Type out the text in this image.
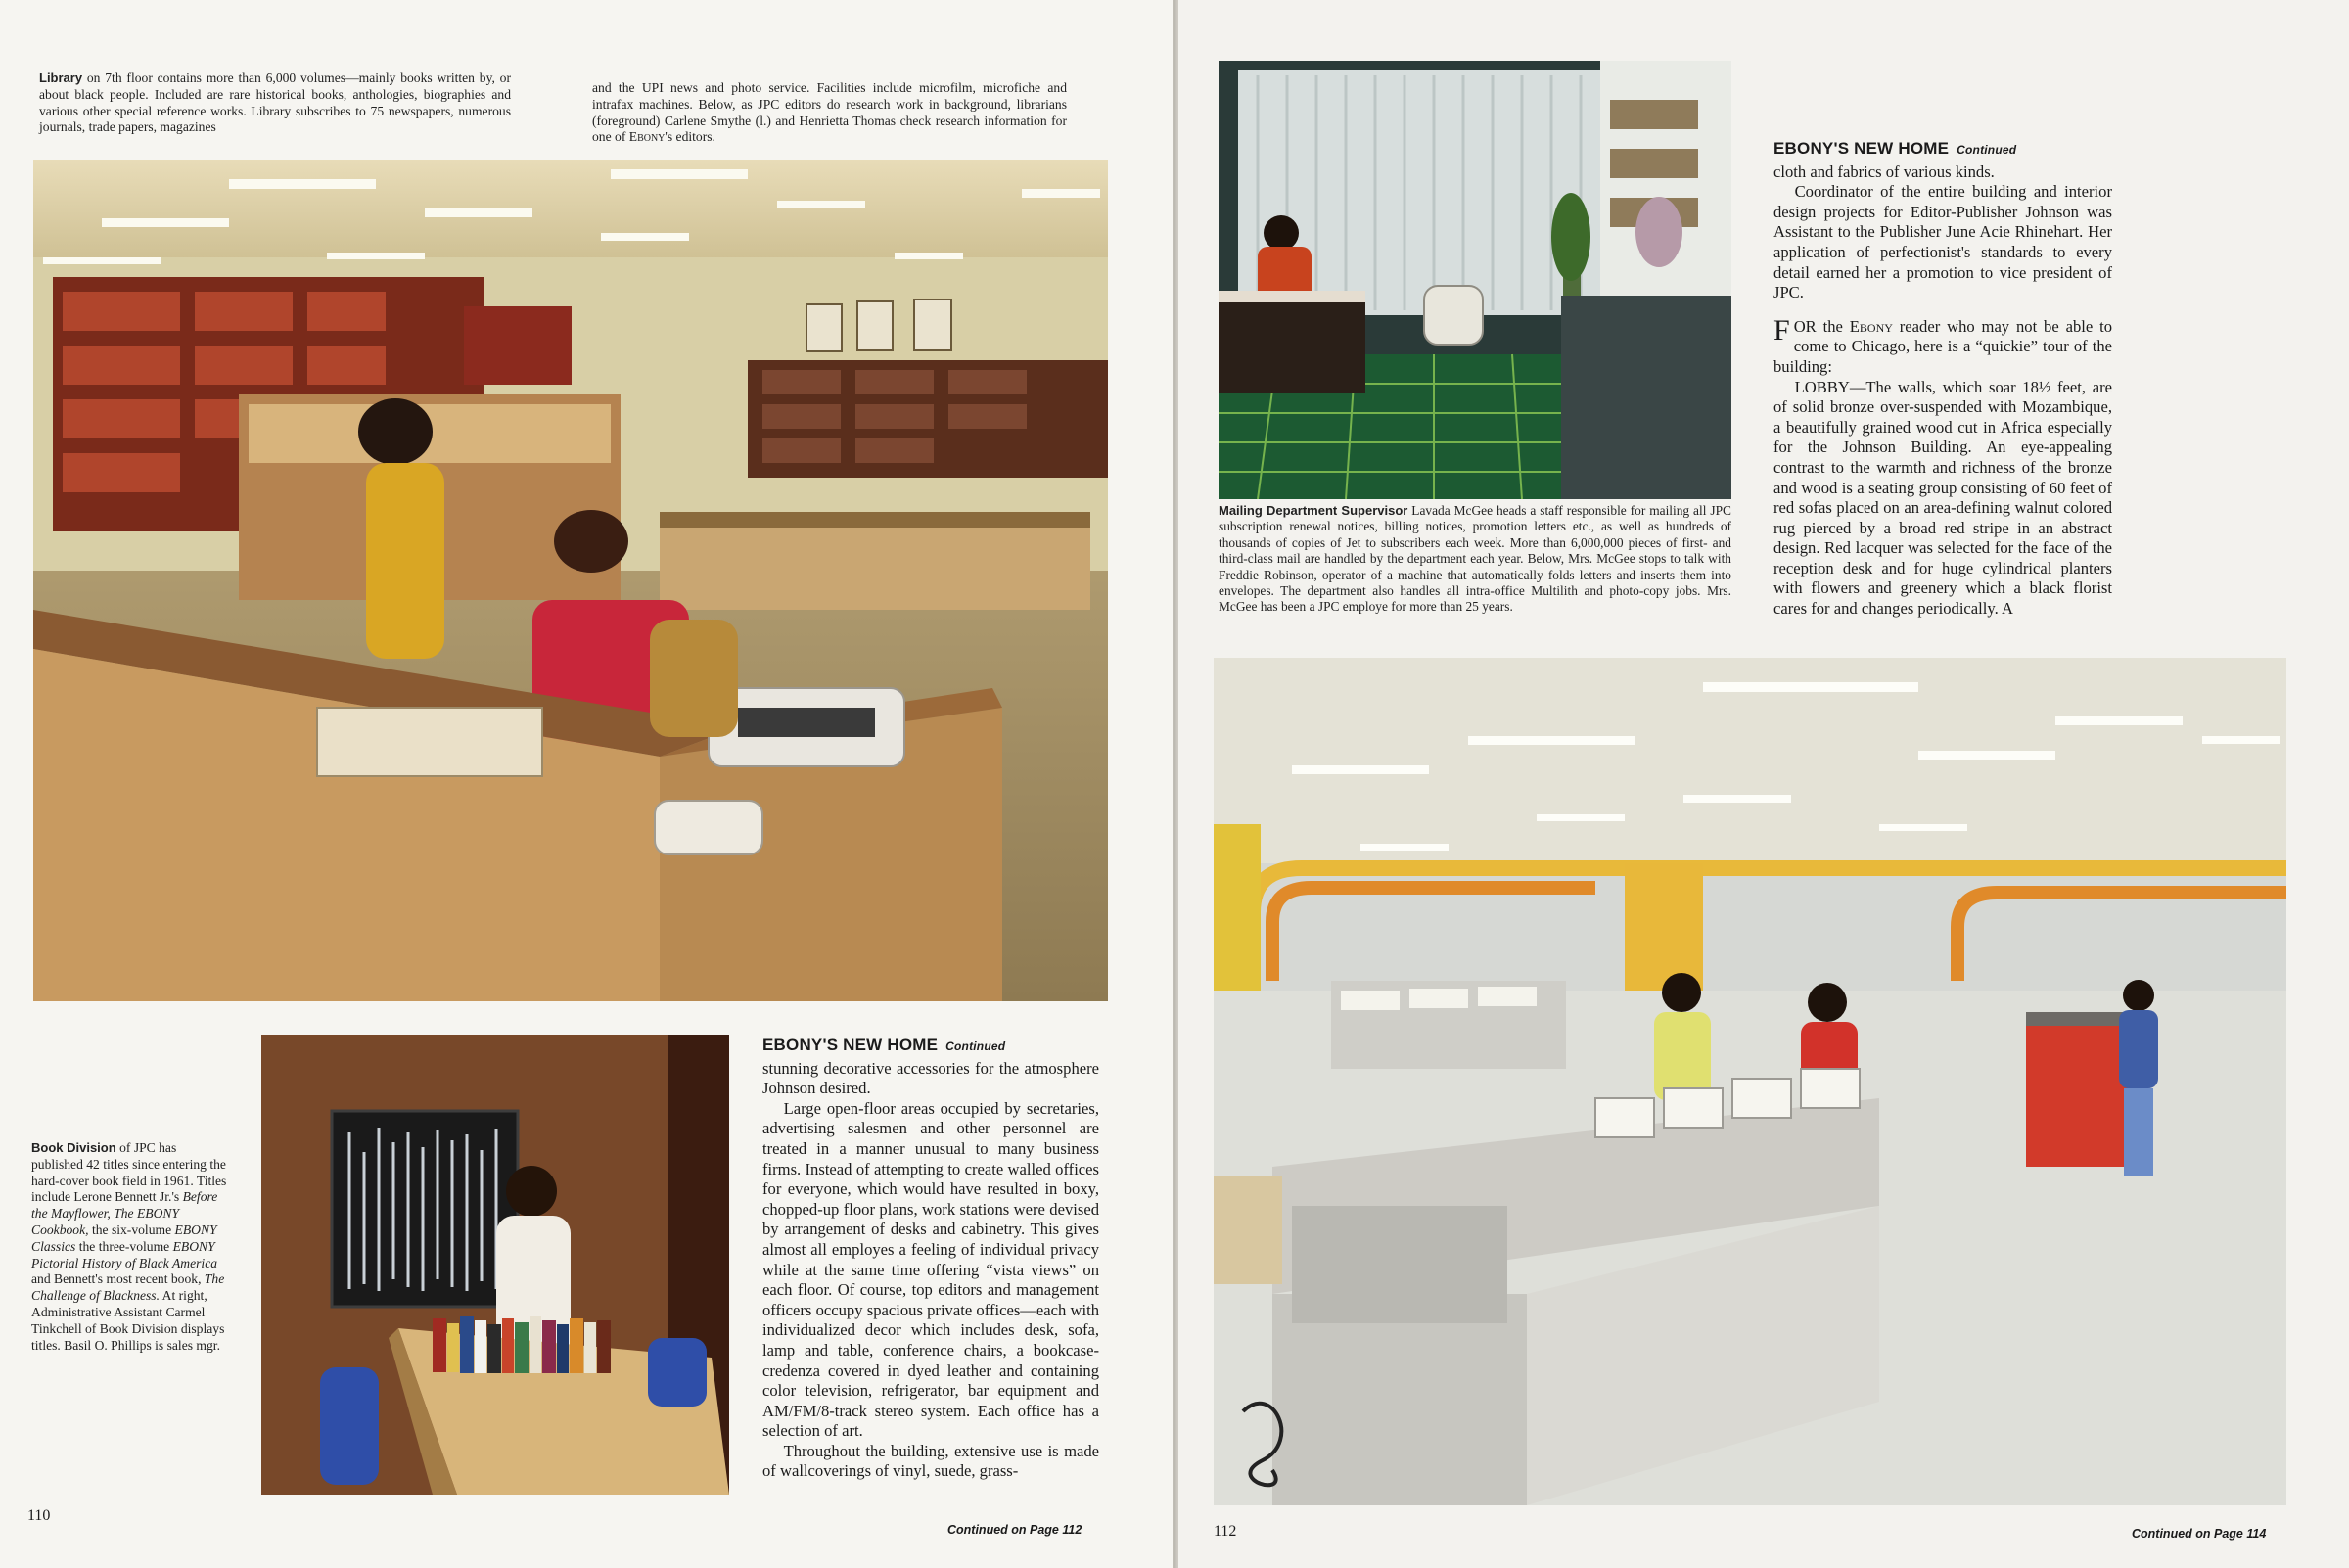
Library on 7th floor contains more than 6,000 volumes—mainly books written by, or about black people. Included are rare historical books, anthologies, biographies and various other special reference works. Library subscribes to 75 newspapers, numerous journals, trade papers, magazines
and the UPI news and photo service. Facilities include microfilm, microfiche and intrafax machines. Below, as JPC editors do research work in background, librarians (foreground) Carlene Smythe (l.) and Henrietta Thomas check research information for one of Ebony's editors.
Book Division of JPC has published 42 titles since entering the hard-cover book field in 1961. Titles include Lerone Bennett Jr.'s Before the Mayflower, The EBONY Cookbook, the six-volume EBONY Classics the three-volume EBONY Pictorial History of Black America and Bennett's most recent book, The Challenge of Blackness. At right, Administrative Assistant Carmel Tinkchell of Book Division displays titles. Basil O. Phillips is sales mgr.
EBONY'S NEW HOME Continued

stunning decorative accessories for the atmosphere Johnson desired.

Large open-floor areas occupied by secretaries, advertising salesmen and other personnel are treated in a manner unusual to many business firms. Instead of attempting to create walled offices for everyone, which would have resulted in boxy, chopped-up floor plans, work stations were devised by arrangement of desks and cabinetry. This gives almost all employes a feeling of individual privacy while at the same time offering “vista views” on each floor. Of course, top editors and management officers occupy spacious private offices—each with individualized decor which includes desk, sofa, lamp and table, conference chairs, a bookcase-credenza covered in dyed leather and containing color television, refrigerator, bar equipment and AM/FM/8-track stereo system. Each office has a selection of art.

Throughout the building, extensive use is made of wallcoverings of vinyl, suede, grass-

110
Continued on Page 112
Mailing Department Supervisor Lavada McGee heads a staff responsible for mailing all JPC subscription renewal notices, billing notices, promotion letters etc., as well as hundreds of thousands of copies of Jet to subscribers each week. More than 6,000,000 pieces of first- and third-class mail are handled by the department each year. Below, Mrs. McGee stops to talk with Freddie Robinson, operator of a machine that automatically folds letters and inserts them into envelopes. The department also handles all intra-office Multilith and photo-copy jobs. Mrs. McGee has been a JPC employe for more than 25 years.
EBONY'S NEW HOME Continued

cloth and fabrics of various kinds.

Coordinator of the entire building and interior design projects for Editor-Publisher Johnson was Assistant to the Publisher June Acie Rhinehart. Her application of perfectionist's standards to every detail earned her a promotion to vice president of JPC.

FOR the Ebony reader who may not be able to come to Chicago, here is a “quickie” tour of the building:

LOBBY—The walls, which soar 18½ feet, are of solid bronze over-suspended with Mozambique, a beautifully grained wood cut in Africa especially for the Johnson Building. An eye-appealing contrast to the warmth and richness of the bronze and wood is a seating group consisting of 60 feet of red sofas placed on an area-defining walnut colored rug pierced by a broad red stripe in an abstract design. Red lacquer was selected for the face of the reception desk and for huge cylindrical planters with flowers and greenery which a black florist cares for and changes periodically. A

112	Continued on Page 114
